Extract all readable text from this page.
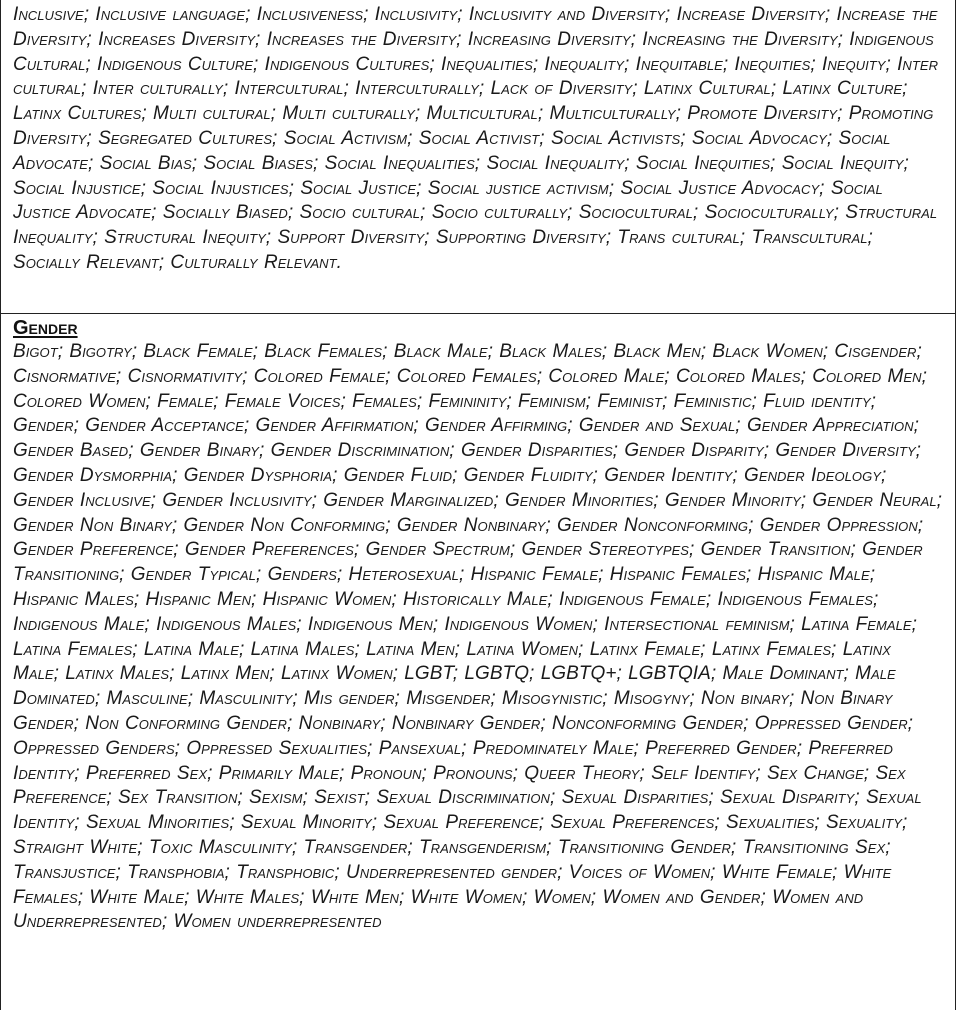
Inclusive; Inclusive language; Inclusiveness; Inclusivity; Inclusivity and Diversity; Increase Diversity; Increase the Diversity; Increases Diversity; Increases the Diversity; Increasing Diversity; Increasing the Diversity; Indigenous Cultural; Indigenous Culture; Indigenous Cultures; Inequalities; Inequality; Inequitable; Inequities; Inequity; Inter cultural; Inter culturally; Intercultural; Interculturally; Lack of Diversity; Latinx Cultural; Latinx Culture; Latinx Cultures; Multi cultural; Multi culturally; Multicultural; Multiculturally; Promote Diversity; Promoting Diversity; Segregated Cultures; Social Activism; Social Activist; Social Activists; Social Advocacy; Social Advocate; Social Bias; Social Biases; Social Inequalities; Social Inequality; Social Inequities; Social Inequity; Social Injustice; Social Injustices; Social Justice; Social justice activism; Social Justice Advocacy; Social Justice Advocate; Socially Biased; Socio cultural; Socio culturally; Sociocultural; Socioculturally; Structural Inequality; Structural Inequity; Support Diversity; Supporting Diversity; Trans cultural; Transcultural; Socially Relevant; Culturally Relevant.

Gender

Bigot; Bigotry; Black Female; Black Females; Black Male; Black Males; Black Men; Black Women; Cisgender; Cisnormative; Cisnormativity; Colored Female; Colored Females; Colored Male; Colored Males; Colored Men; Colored Women; Female; Female Voices; Females; Femininity; Feminism; Feminist; Feministic; Fluid identity; Gender; Gender Acceptance; Gender Affirmation; Gender Affirming; Gender and Sexual; Gender Appreciation; Gender Based; Gender Binary; Gender Discrimination; Gender Disparities; Gender Disparity; Gender Diversity; Gender Dysmorphia; Gender Dysphoria; Gender Fluid; Gender Fluidity; Gender Identity; Gender Ideology; Gender Inclusive; Gender Inclusivity; Gender Marginalized; Gender Minorities; Gender Minority; Gender Neural; Gender Non Binary; Gender Non Conforming; Gender Nonbinary; Gender Nonconforming; Gender Oppression; Gender Preference; Gender Preferences; Gender Spectrum; Gender Stereotypes; Gender Transition; Gender Transitioning; Gender Typical; Genders; Heterosexual; Hispanic Female; Hispanic Females; Hispanic Male; Hispanic Males; Hispanic Men; Hispanic Women; Historically Male; Indigenous Female; Indigenous Females; Indigenous Male; Indigenous Males; Indigenous Men; Indigenous Women; Intersectional feminism; Latina Female; Latina Females; Latina Male; Latina Males; Latina Men; Latina Women; Latinx Female; Latinx Females; Latinx Male; Latinx Males; Latinx Men; Latinx Women; LGBT; LGBTQ; LGBTQ+; LGBTQIA; Male Dominant; Male Dominated; Masculine; Masculinity; Mis gender; Misgender; Misogynistic; Misogyny; Non binary; Non Binary Gender; Non Conforming Gender; Nonbinary; Nonbinary Gender; Nonconforming Gender; Oppressed Gender; Oppressed Genders; Oppressed Sexualities; Pansexual; Predominately Male; Preferred Gender; Preferred Identity; Preferred Sex; Primarily Male; Pronoun; Pronouns; Queer Theory; Self Identify; Sex Change; Sex Preference; Sex Transition; Sexism; Sexist; Sexual Discrimination; Sexual Disparities; Sexual Disparity; Sexual Identity; Sexual Minorities; Sexual Minority; Sexual Preference; Sexual Preferences; Sexualities; Sexuality; Straight White; Toxic Masculinity; Transgender; Transgenderism; Transitioning Gender; Transitioning Sex; Transjustice; Transphobia; Transphobic; Underrepresented gender; Voices of Women; White Female; White Females; White Male; White Males; White Men; White Women; Women; Women and Gender; Women and Underrepresented; Women underrepresented
